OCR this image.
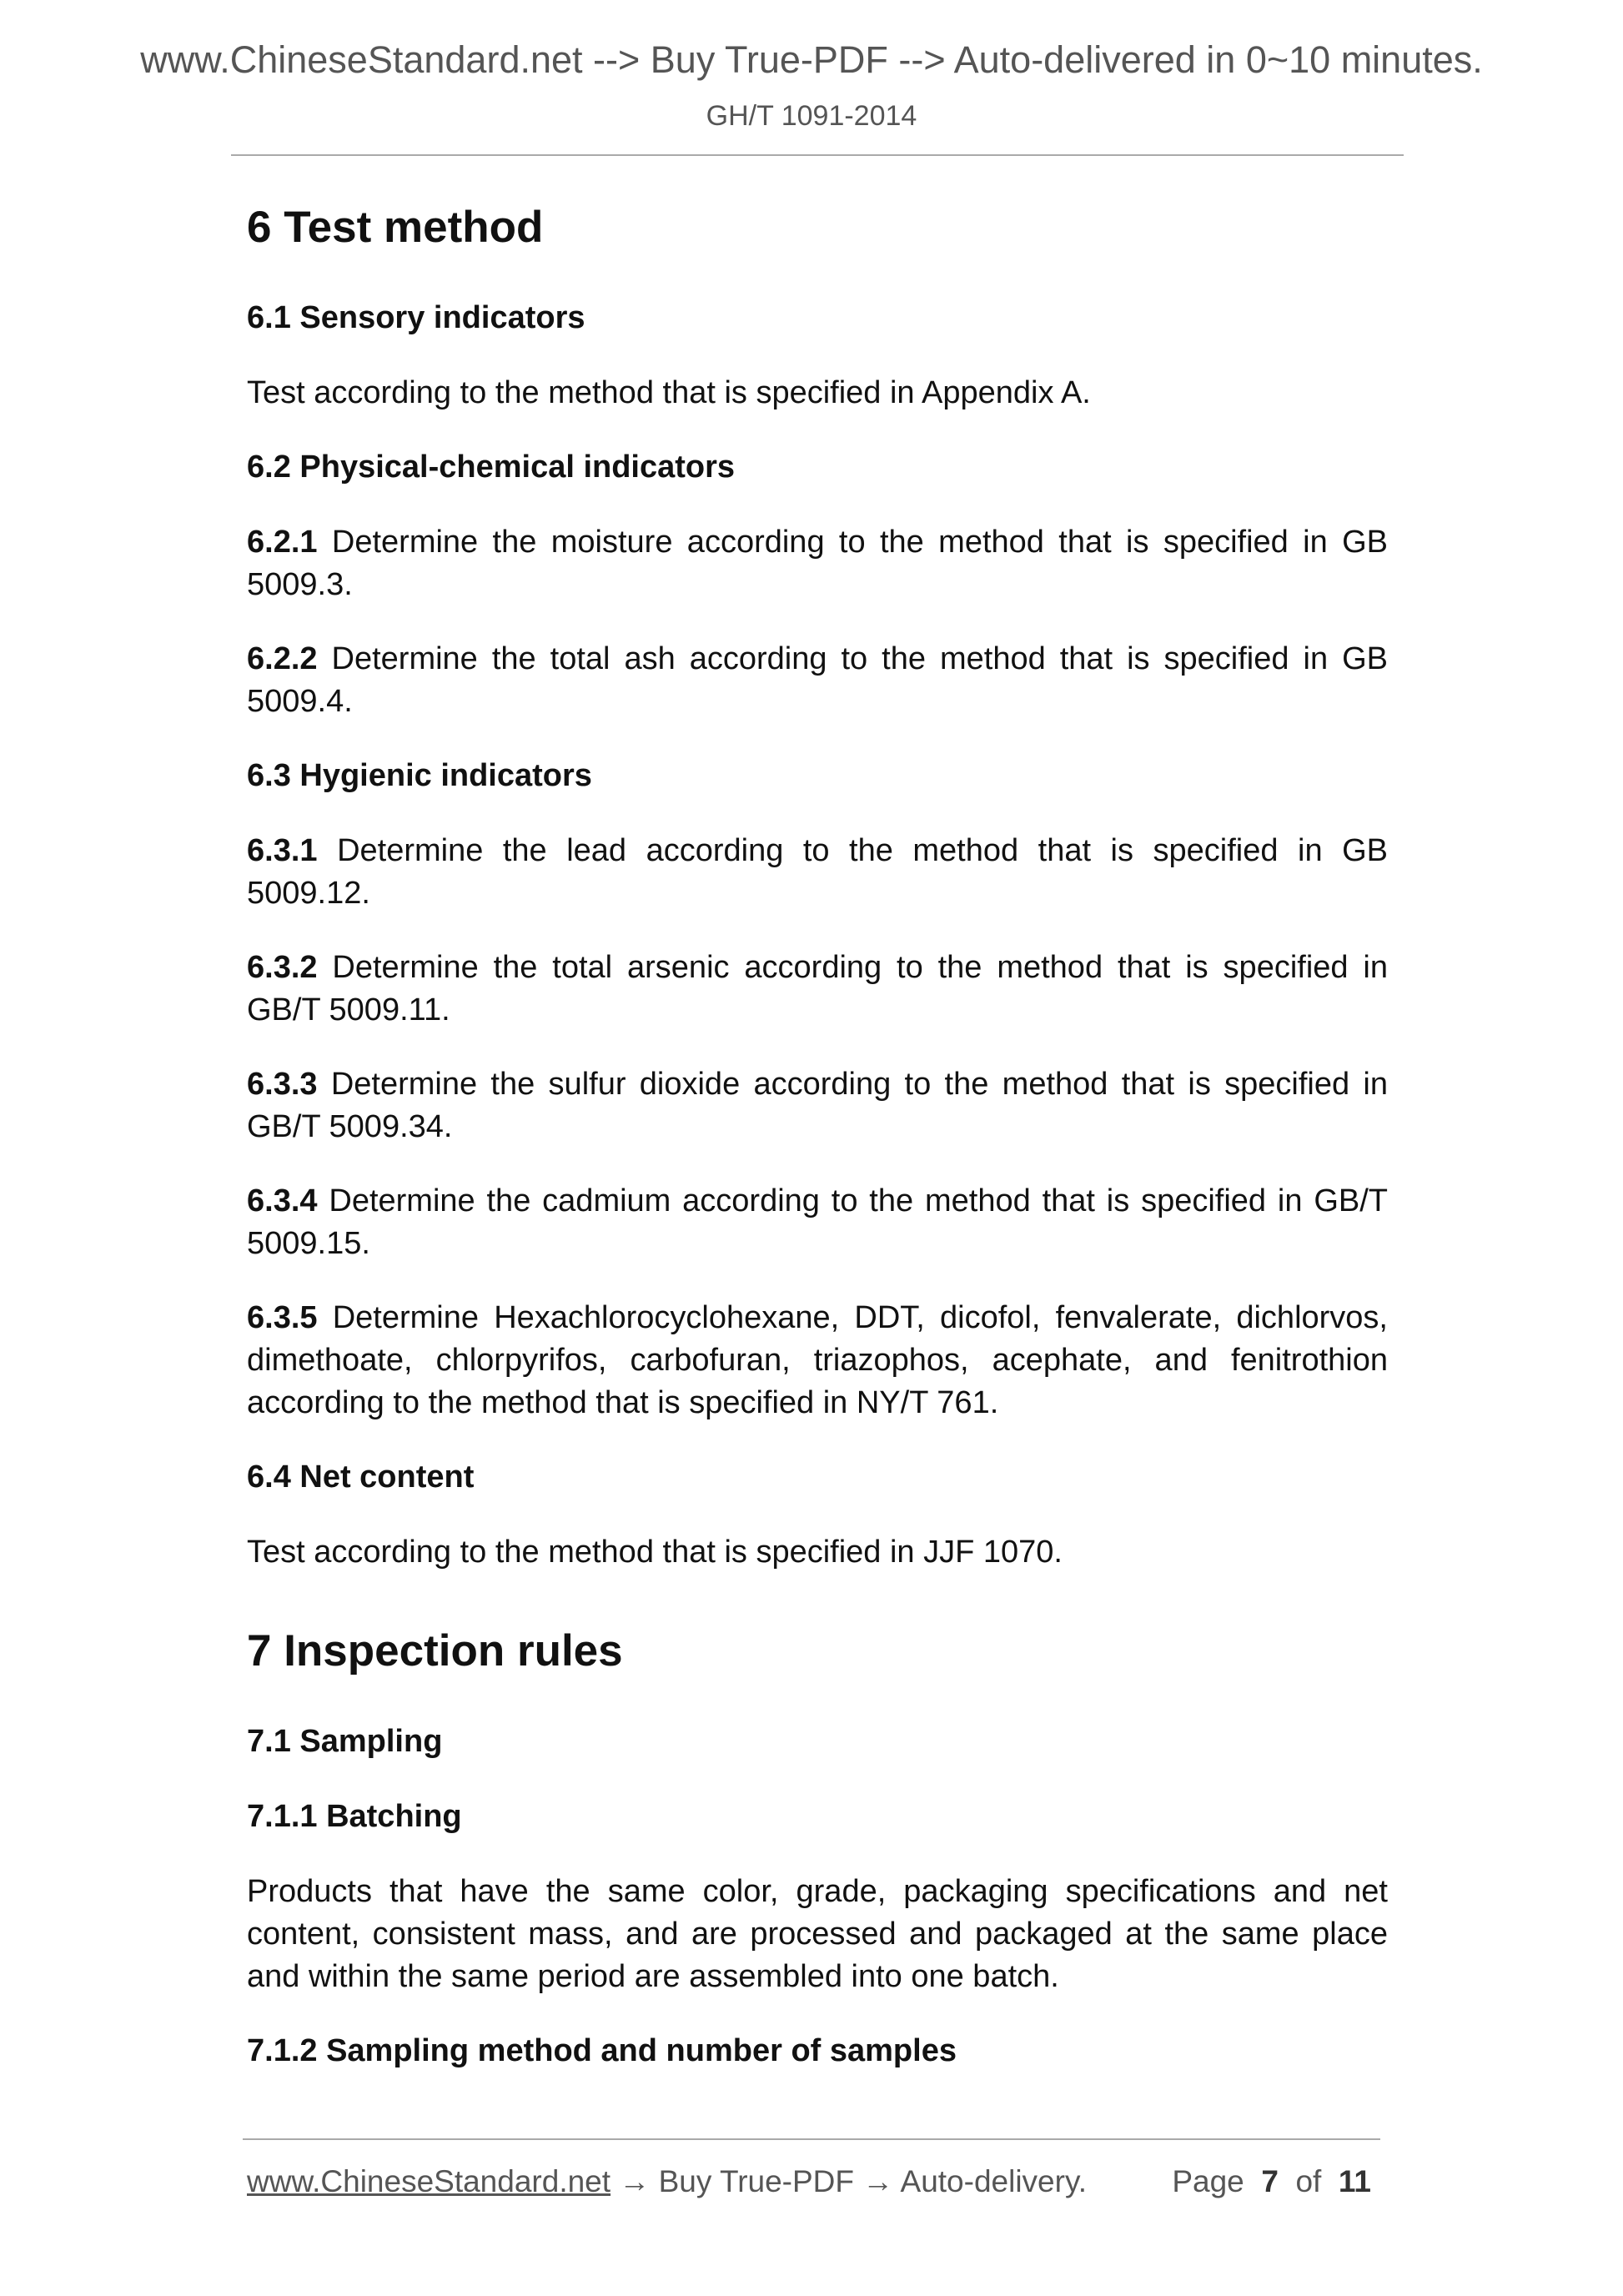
www.ChineseStandard.net --> Buy True-PDF --> Auto-delivered in 0~10 minutes.
GH/T 1091-2014
6 Test method
6.1 Sensory indicators
Test according to the method that is specified in Appendix A.
6.2 Physical-chemical indicators
6.2.1 Determine the moisture according to the method that is specified in GB 5009.3.
6.2.2 Determine the total ash according to the method that is specified in GB 5009.4.
6.3 Hygienic indicators
6.3.1 Determine the lead according to the method that is specified in GB 5009.12.
6.3.2 Determine the total arsenic according to the method that is specified in GB/T 5009.11.
6.3.3 Determine the sulfur dioxide according to the method that is specified in GB/T 5009.34.
6.3.4 Determine the cadmium according to the method that is specified in GB/T 5009.15.
6.3.5 Determine Hexachlorocyclohexane, DDT, dicofol, fenvalerate, dichlorvos, dimethoate, chlorpyrifos, carbofuran, triazophos, acephate, and fenitrothion according to the method that is specified in NY/T 761.
6.4 Net content
Test according to the method that is specified in JJF 1070.
7 Inspection rules
7.1 Sampling
7.1.1 Batching
Products that have the same color, grade, packaging specifications and net content, consistent mass, and are processed and packaged at the same place and within the same period are assembled into one batch.
7.1.2 Sampling method and number of samples
www.ChineseStandard.net → Buy True-PDF → Auto-delivery.	Page 7 of 11
